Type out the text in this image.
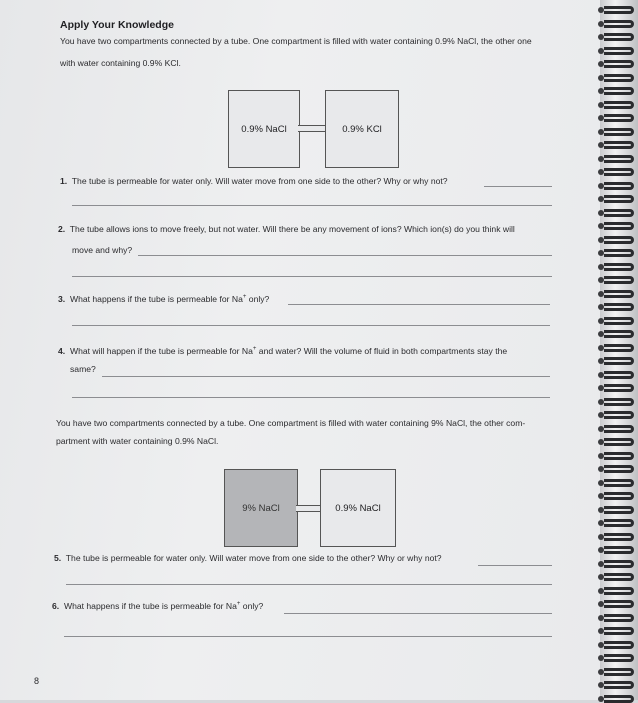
Apply Your Knowledge
You have two compartments connected by a tube. One compartment is filled with water containing 0.9% NaCl, the other one
with water containing 0.9% KCl.
0.9% NaCl	0.9% KCl
1. The tube is permeable for water only. Will water move from one side to the other? Why or why not?
2. The tube allows ions to move freely, but not water. Will there be any movement of ions? Which ion(s) do you think will
move and why?
3. What happens if the tube is permeable for Na+ only?
4. What will happen if the tube is permeable for Na+ and water? Will the volume of fluid in both compartments stay the
same?
You have two compartments connected by a tube. One compartment is filled with water containing 9% NaCl, the other com-
partment with water containing 0.9% NaCl.
9% NaCl	0.9% NaCl
5. The tube is permeable for water only. Will water move from one side to the other? Why or why not?
6. What happens if the tube is permeable for Na+ only?
8
